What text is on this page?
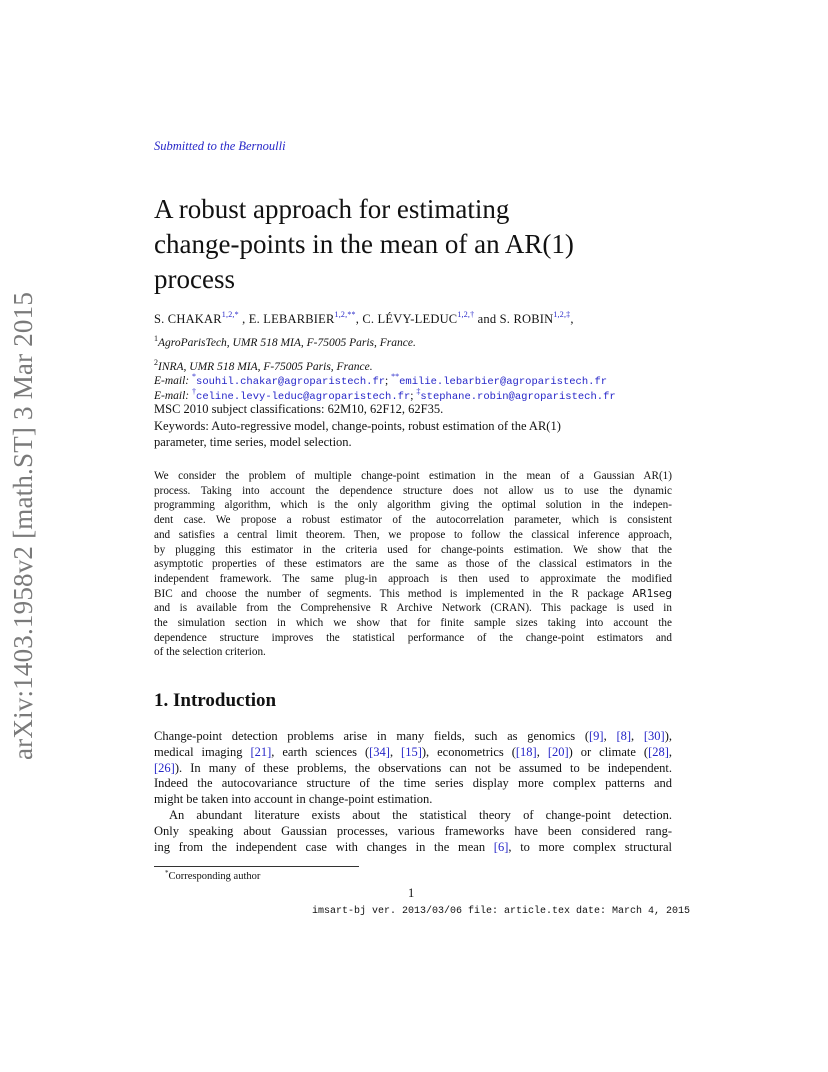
arXiv:1403.1958v2 [math.ST] 3 Mar 2015
Submitted to the Bernoulli
A robust approach for estimating
change-points in the mean of an AR(1)
process
S. $CHAKAR^{1,2,*}$ , E. $LEBARBIER^{1,2,**}$, C. LÉVY-$LEDUC^{1,2,\dagger}$ and S. $ROBIN^{1,2,\ddagger}$,
$^1$AgroParisTech, UMR 518 MIA, F-75005 Paris, France.
$^2$INRA, UMR 518 MIA, F-75005 Paris, France.
E-mail: *souhil.chakar@agroparistech.fr; **emilie.lebarbier@agroparistech.fr
E-mail: †celine.levy-leduc@agroparistech.fr; ‡stephane.robin@agroparistech.fr
MSC 2010 subject classifications: 62M10, 62F12, 62F35.
Keywords: Auto-regressive model, change-points, robust estimation of the AR(1)
parameter, time series, model selection.
We consider the problem of multiple change-point estimation in the mean of a Gaussian AR(1)
process. Taking into account the dependence structure does not allow us to use the dynamic
programming algorithm, which is the only algorithm giving the optimal solution in the indepen-
dent case. We propose a robust estimator of the autocorrelation parameter, which is consistent
and satisfies a central limit theorem. Then, we propose to follow the classical inference approach,
by plugging this estimator in the criteria used for change-points estimation. We show that the
asymptotic properties of these estimators are the same as those of the classical estimators in the
independent framework. The same plug-in approach is then used to approximate the modified
BIC and choose the number of segments. This method is implemented in the R package AR1seg
and is available from the Comprehensive R Archive Network (CRAN). This package is used in
the simulation section in which we show that for finite sample sizes taking into account the
dependence structure improves the statistical performance of the change-point estimators and
of the selection criterion.
1. Introduction
Change-point detection problems arise in many fields, such as genomics ([9], [8], [30]),
medical imaging [21], earth sciences ([34], [15]), econometrics ([18], [20]) or climate ([28],
[26]). In many of these problems, the observations can not be assumed to be independent.
Indeed the autocovariance structure of the time series display more complex patterns and
might be taken into account in change-point estimation.
An abundant literature exists about the statistical theory of change-point detection.
Only speaking about Gaussian processes, various frameworks have been considered rang-
ing from the independent case with changes in the mean [6], to more complex structural
*Corresponding author
1
imsart-bj ver. 2013/03/06 file: article.tex date: March 4, 2015
